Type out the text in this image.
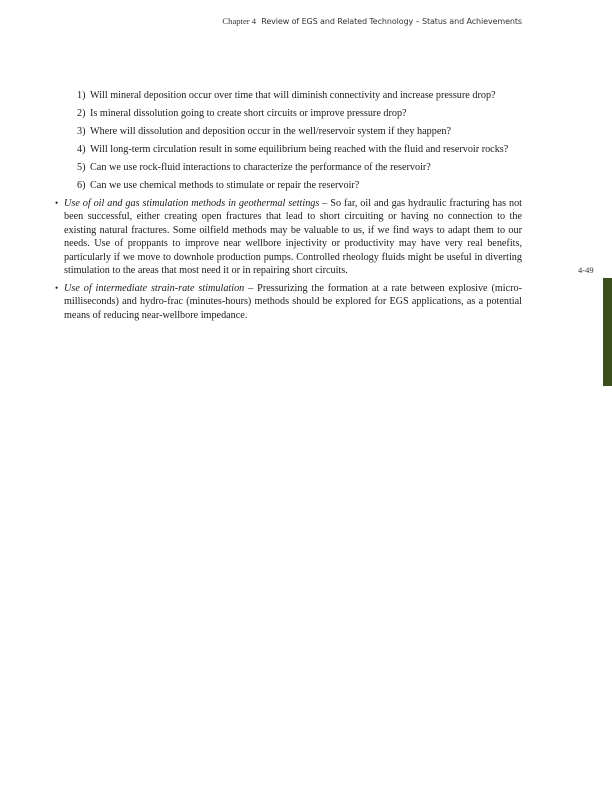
Chapter 4 Review of EGS and Related Technology – Status and Achievements
1) Will mineral deposition occur over time that will diminish connectivity and increase pressure drop?
2) Is mineral dissolution going to create short circuits or improve pressure drop?
3) Where will dissolution and deposition occur in the well/reservoir system if they happen?
4) Will long-term circulation result in some equilibrium being reached with the fluid and reservoir rocks?
5) Can we use rock-fluid interactions to characterize the performance of the reservoir?
6) Can we use chemical methods to stimulate or repair the reservoir?
• Use of oil and gas stimulation methods in geothermal settings – So far, oil and gas hydraulic fracturing has not been successful, either creating open fractures that lead to short circuiting or having no connection to the existing natural fractures. Some oilfield methods may be valuable to us, if we find ways to adapt them to our needs. Use of proppants to improve near wellbore injectivity or productivity may have very real benefits, particularly if we move to downhole production pumps. Controlled rheology fluids might be useful in diverting stimulation to the areas that most need it or in repairing short circuits.
• Use of intermediate strain-rate stimulation – Pressurizing the formation at a rate between explosive (micro-milliseconds) and hydro-frac (minutes-hours) methods should be explored for EGS applications, as a potential means of reducing near-wellbore impedance.
4-49
